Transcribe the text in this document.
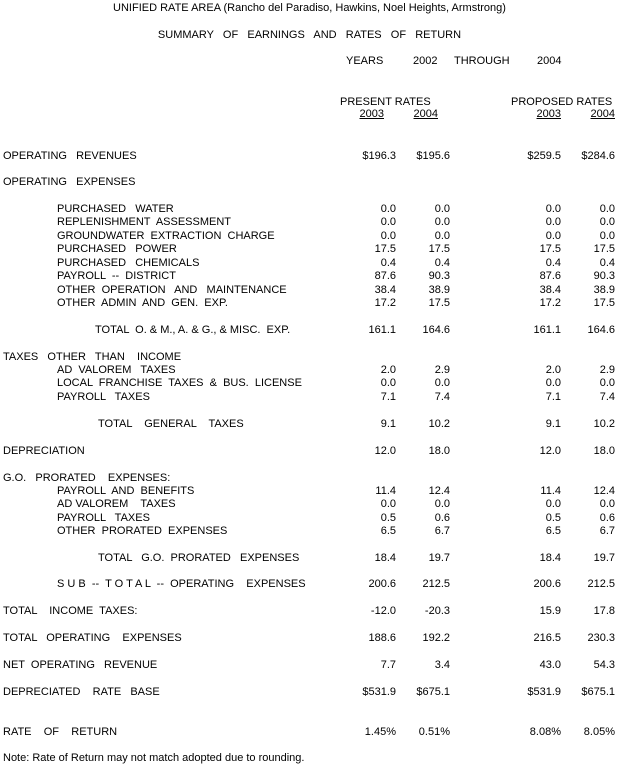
UNIFIED RATE AREA (Rancho del Paradiso, Hawkins, Noel Heights, Armstrong)
SUMMARY   OF   EARNINGS   AND   RATES   OF   RETURN
YEARS	2002 THROUGH 2004
PRESENT RATES
2003	2004
PROPOSED RATES
2003	2004
OPERATING   REVENUES	$196.3	$195.6	$259.5	$284.6
OPERATING   EXPENSES
PURCHASED   WATER	0.0	0.0	0.0	0.0
REPLENISHMENT  ASSESSMENT	0.0	0.0	0.0	0.0
GROUNDWATER  EXTRACTION  CHARGE	0.0	0.0	0.0	0.0
PURCHASED   POWER	17.5	17.5	17.5	17.5
PURCHASED   CHEMICALS	0.4	0.4	0.4	0.4
PAYROLL  --  DISTRICT	87.6	90.3	87.6	90.3
OTHER  OPERATION   AND   MAINTENANCE	38.4	38.9	38.4	38.9
OTHER  ADMIN  AND  GEN.  EXP.	17.2	17.5	17.2	17.5
TOTAL  O. & M., A. & G., & MISC.  EXP.	161.1	164.6	161.1	164.6
TAXES   OTHER   THAN    INCOME
AD  VALOREM   TAXES	2.0	2.9	2.0	2.9
LOCAL  FRANCHISE  TAXES  &  BUS.  LICENSE	0.0	0.0	0.0	0.0
PAYROLL   TAXES	7.1	7.4	7.1	7.4
TOTAL    GENERAL    TAXES	9.1	10.2	9.1	10.2
DEPRECIATION	12.0	18.0	12.0	18.0
G.O.   PRORATED    EXPENSES:
PAYROLL  AND  BENEFITS	11.4	12.4	11.4	12.4
AD VALOREM    TAXES	0.0	0.0	0.0	0.0
PAYROLL   TAXES	0.5	0.6	0.5	0.6
OTHER  PRORATED  EXPENSES	6.5	6.7	6.5	6.7
TOTAL   G.O.  PRORATED   EXPENSES	18.4	19.7	18.4	19.7
S U B  --  T O T A L  --  OPERATING    EXPENSES	200.6	212.5	200.6	212.5
TOTAL    INCOME  TAXES:	-12.0	-20.3	15.9	17.8
TOTAL   OPERATING    EXPENSES	188.6	192.2	216.5	230.3
NET  OPERATING   REVENUE	7.7	3.4	43.0	54.3
DEPRECIATED    RATE   BASE	$531.9	$675.1	$531.9	$675.1
RATE    OF    RETURN	1.45%	0.51%	8.08%	8.05%
Note: Rate of Return may not match adopted due to rounding.
